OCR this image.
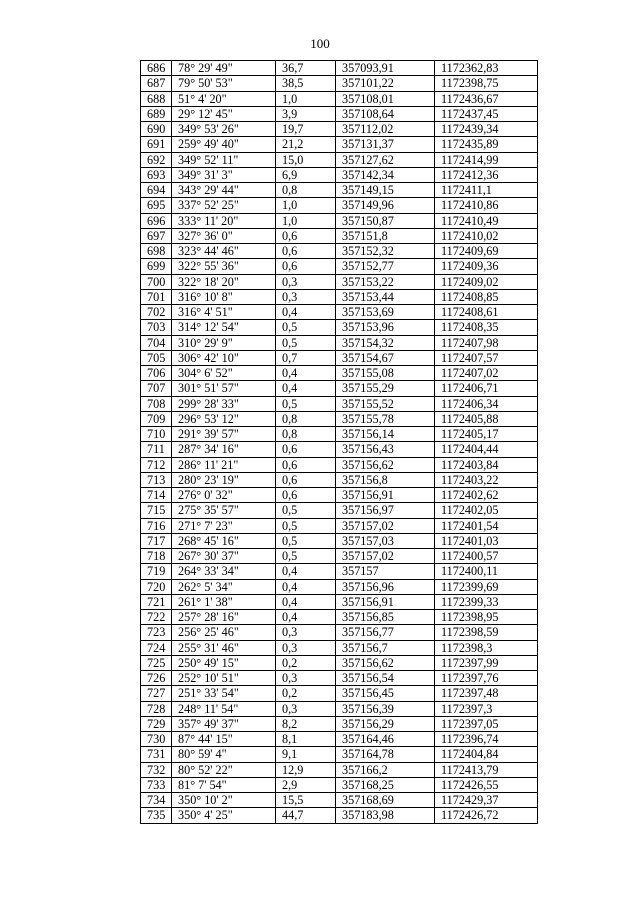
100
686	78° 29' 49"	36,7	357093,91	1172362,83
687	79° 50' 53"	38,5	357101,22	1172398,75
688	51° 4' 20"	1,0	357108,01	1172436,67
689	29° 12' 45"	3,9	357108,64	1172437,45
690	349° 53' 26"	19,7	357112,02	1172439,34
691	259° 49' 40"	21,2	357131,37	1172435,89
692	349° 52' 11"	15,0	357127,62	1172414,99
693	349° 31' 3"	6,9	357142,34	1172412,36
694	343° 29' 44"	0,8	357149,15	1172411,1
695	337° 52' 25"	1,0	357149,96	1172410,86
696	333° 11' 20"	1,0	357150,87	1172410,49
697	327° 36' 0"	0,6	357151,8	1172410,02
698	323° 44' 46"	0,6	357152,32	1172409,69
699	322° 55' 36"	0,6	357152,77	1172409,36
700	322° 18' 20"	0,3	357153,22	1172409,02
701	316° 10' 8"	0,3	357153,44	1172408,85
702	316° 4' 51"	0,4	357153,69	1172408,61
703	314° 12' 54"	0,5	357153,96	1172408,35
704	310° 29' 9"	0,5	357154,32	1172407,98
705	306° 42' 10"	0,7	357154,67	1172407,57
706	304° 6' 52"	0,4	357155,08	1172407,02
707	301° 51' 57"	0,4	357155,29	1172406,71
708	299° 28' 33"	0,5	357155,52	1172406,34
709	296° 53' 12"	0,8	357155,78	1172405,88
710	291° 39' 57"	0,8	357156,14	1172405,17
711	287° 34' 16"	0,6	357156,43	1172404,44
712	286° 11' 21"	0,6	357156,62	1172403,84
713	280° 23' 19"	0,6	357156,8	1172403,22
714	276° 0' 32"	0,6	357156,91	1172402,62
715	275° 35' 57"	0,5	357156,97	1172402,05
716	271° 7' 23"	0,5	357157,02	1172401,54
717	268° 45' 16"	0,5	357157,03	1172401,03
718	267° 30' 37"	0,5	357157,02	1172400,57
719	264° 33' 34"	0,4	357157	1172400,11
720	262° 5' 34"	0,4	357156,96	1172399,69
721	261° 1' 38"	0,4	357156,91	1172399,33
722	257° 28' 16"	0,4	357156,85	1172398,95
723	256° 25' 46"	0,3	357156,77	1172398,59
724	255° 31' 46"	0,3	357156,7	1172398,3
725	250° 49' 15"	0,2	357156,62	1172397,99
726	252° 10' 51"	0,3	357156,54	1172397,76
727	251° 33' 54"	0,2	357156,45	1172397,48
728	248° 11' 54"	0,3	357156,39	1172397,3
729	357° 49' 37"	8,2	357156,29	1172397,05
730	87° 44' 15"	8,1	357164,46	1172396,74
731	80° 59' 4"	9,1	357164,78	1172404,84
732	80° 52' 22"	12,9	357166,2	1172413,79
733	81° 7' 54"	2,9	357168,25	1172426,55
734	350° 10' 2"	15,5	357168,69	1172429,37
735	350° 4' 25"	44,7	357183,98	1172426,72
